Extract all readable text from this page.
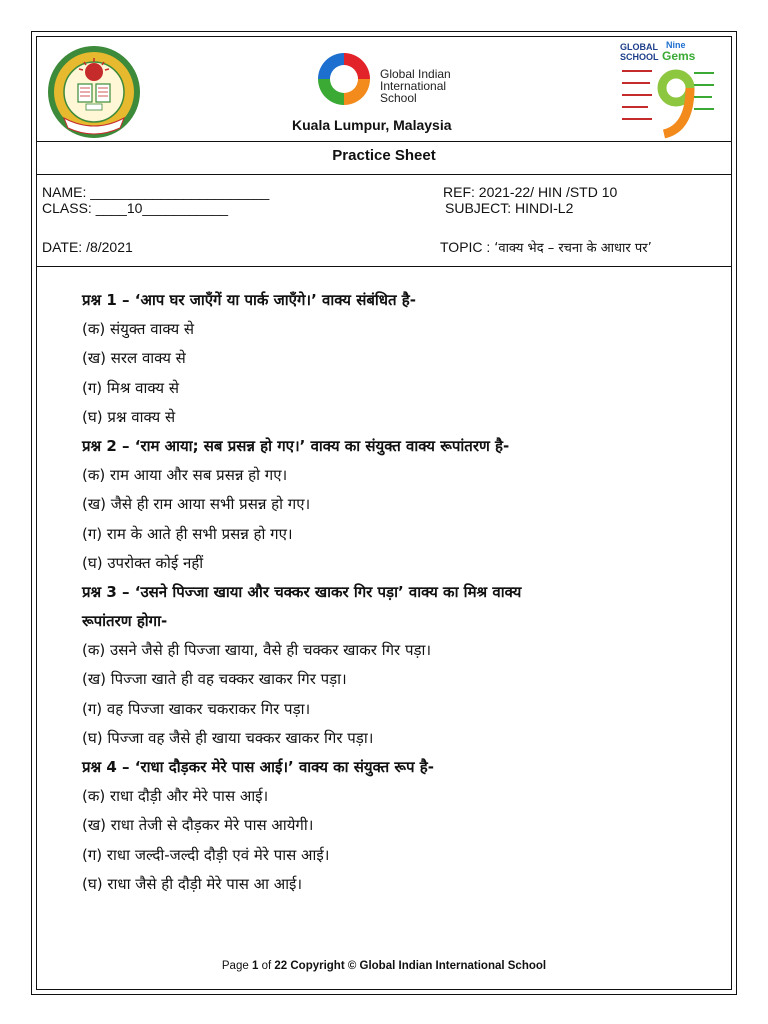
Global Indian
International
School
Kuala Lumpur, Malaysia
GLOBAL
SCHOOL
Nine
Gems
Practice Sheet
NAME: _______________________
CLASS: ____10___________
DATE: /8/2021
REF: 2021-22/ HIN /STD 10
SUBJECT: HINDI-L2
TOPIC : ‘वाक्य भेद – रचना के आधार पर’
प्रश्न 1 – ‘आप घर जाएँगें या पार्क जाएँगे।’ वाक्य संबंधित है-
(क) संयुक्त वाक्य से
(ख) सरल वाक्य से
(ग) मिश्र वाक्य से
(घ) प्रश्न वाक्य से
प्रश्न 2 – ‘राम आया; सब प्रसन्न हो गए।’ वाक्य का संयुक्त वाक्य रूपांतरण है-
(क) राम आया और सब प्रसन्न हो गए।
(ख) जैसे ही राम आया सभी प्रसन्न हो गए।
(ग) राम के आते ही सभी प्रसन्न हो गए।
(घ) उपरोक्त कोई नहीं
प्रश्न 3 – ‘उसने पिज्जा खाया और चक्कर खाकर गिर पड़ा’ वाक्य का मिश्र वाक्य
रूपांतरण होगा-
(क) उसने जैसे ही पिज्जा खाया, वैसे ही चक्कर खाकर गिर पड़ा।
(ख) पिज्जा खाते ही वह चक्कर खाकर गिर पड़ा।
(ग) वह पिज्जा खाकर चकराकर गिर पड़ा।
(घ) पिज्जा वह जैसे ही खाया चक्कर खाकर गिर पड़ा।
प्रश्न 4 – ‘राधा दौड़कर मेरे पास आई।’ वाक्य का संयुक्त रूप है-
(क) राधा दौड़ी और मेरे पास आई।
(ख) राधा तेजी से दौड़कर मेरे पास आयेगी।
(ग) राधा जल्दी-जल्दी दौड़ी एवं मेरे पास आई।
(घ) राधा जैसे ही दौड़ी मेरे पास आ आई।
Page 1 of 22 Copyright © Global Indian International School
